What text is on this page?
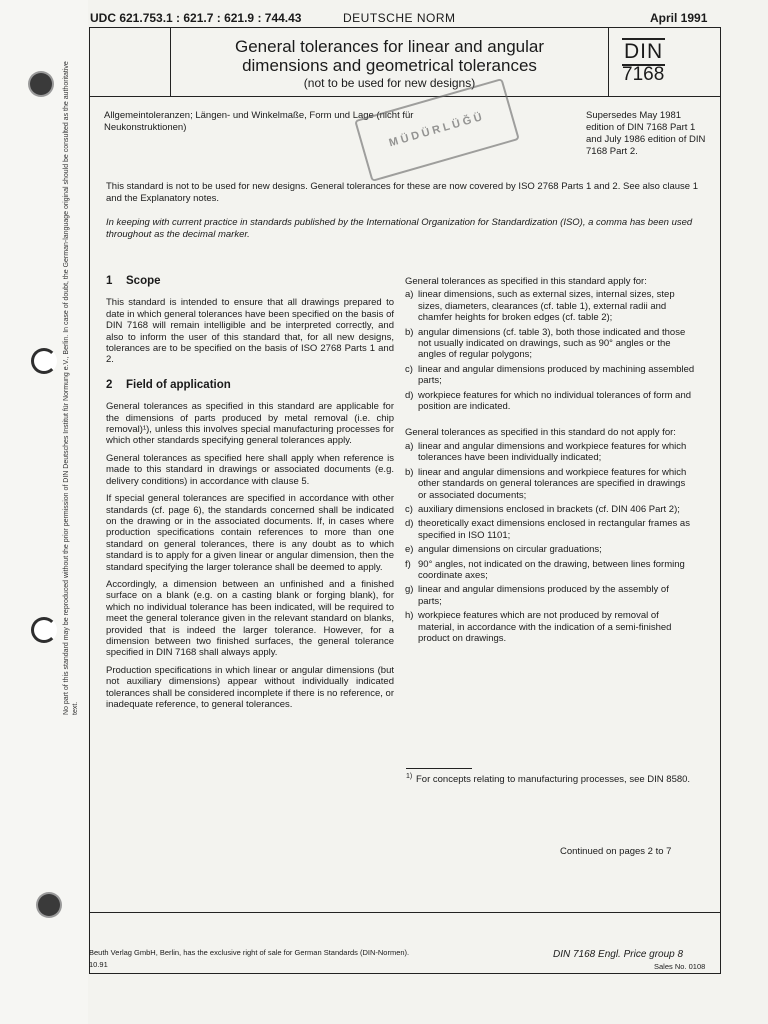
No part of this standard may be reproduced without the prior permission of DIN Deutsches Institut für Normung e.V., Berlin. In case of doubt, the German-language original should be consulted as the authoritative text.
UDC 621.753.1 : 621.7 : 621.9 : 744.43	DEUTSCHE NORM	April 1991
General tolerances for linear and angular
dimensions and geometrical tolerances
(not to be used for new designs)
DIN
7168
Allgemeintoleranzen; Längen- und Winkelmaße, Form und Lage (nicht für Neukonstruktionen)
Supersedes May 1981 edition of DIN 7168 Part 1 and July 1986 edition of DIN 7168 Part 2.
MÜDÜRLÜĞÜ
This standard is not to be used for new designs. General tolerances for these are now covered by ISO 2768 Parts 1 and 2. See also clause 1 and the Explanatory notes.
In keeping with current practice in standards published by the International Organization for Standardization (ISO), a comma has been used throughout as the decimal marker.
1 Scope

This standard is intended to ensure that all drawings prepared to date in which general tolerances have been specified on the basis of DIN 7168 will remain intelligible and be interpreted correctly, and also to inform the user of this standard that, for all new designs, tolerances are to be specified on the basis of ISO 2768 Parts 1 and 2.

2 Field of application

General tolerances as specified in this standard are applicable for the dimensions of parts produced by metal removal (i.e. chip removal)¹), unless this involves special manufacturing processes for which other standards specifying general tolerances apply.

General tolerances as specified here shall apply when reference is made to this standard in drawings or associated documents (e.g. delivery conditions) in accordance with clause 5.

If special general tolerances are specified in accordance with other standards (cf. page 6), the standards concerned shall be indicated on the drawing or in the associated documents. If, in cases where production specifications contain references to more than one standard on general tolerances, there is any doubt as to which standard is to apply for a given linear or angular dimension, then the standard specifying the larger tolerance shall be deemed to apply.

Accordingly, a dimension between an unfinished and a finished surface on a blank (e.g. on a casting blank or forging blank), for which no individual tolerance has been indicated, will be required to meet the general tolerance given in the relevant standard on blanks, provided that is indeed the larger tolerance. However, for a dimension between two finished surfaces, the general tolerance specified in DIN 7168 shall always apply.

Production specifications in which linear or angular dimensions (but not auxiliary dimensions) appear without individually indicated tolerances shall be considered incomplete if there is no reference, or inadequate reference, to general tolerances.

General tolerances as specified in this standard apply for:

a) linear dimensions, such as external sizes, internal sizes, step sizes, diameters, clearances (cf. table 1), external radii and chamfer heights for broken edges (cf. table 2);
b) angular dimensions (cf. table 3), both those indicated and those not usually indicated on drawings, such as 90° angles or the angles of regular polygons;
c) linear and angular dimensions produced by machining assembled parts;
d) workpiece features for which no individual tolerances of form and position are indicated.

General tolerances as specified in this standard do not apply for:

a) linear and angular dimensions and workpiece features for which tolerances have been individually indicated;
b) linear and angular dimensions and workpiece features for which other standards on general tolerances are specified in drawings or associated documents;
c) auxiliary dimensions enclosed in brackets (cf. DIN 406 Part 2);
d) theoretically exact dimensions enclosed in rectangular frames as specified in ISO 1101;
e) angular dimensions on circular graduations;
f) 90° angles, not indicated on the drawing, between lines forming coordinate axes;
g) linear and angular dimensions produced by the assembly of parts;
h) workpiece features which are not produced by removal of material, in accordance with the indication of a semi-finished product on drawings.
1) For concepts relating to manufacturing processes, see DIN 8580.
Continued on pages 2 to 7
Beuth Verlag GmbH, Berlin, has the exclusive right of sale for German Standards (DIN-Normen).
10.91
DIN 7168 Engl. Price group 8
Sales No. 0108
